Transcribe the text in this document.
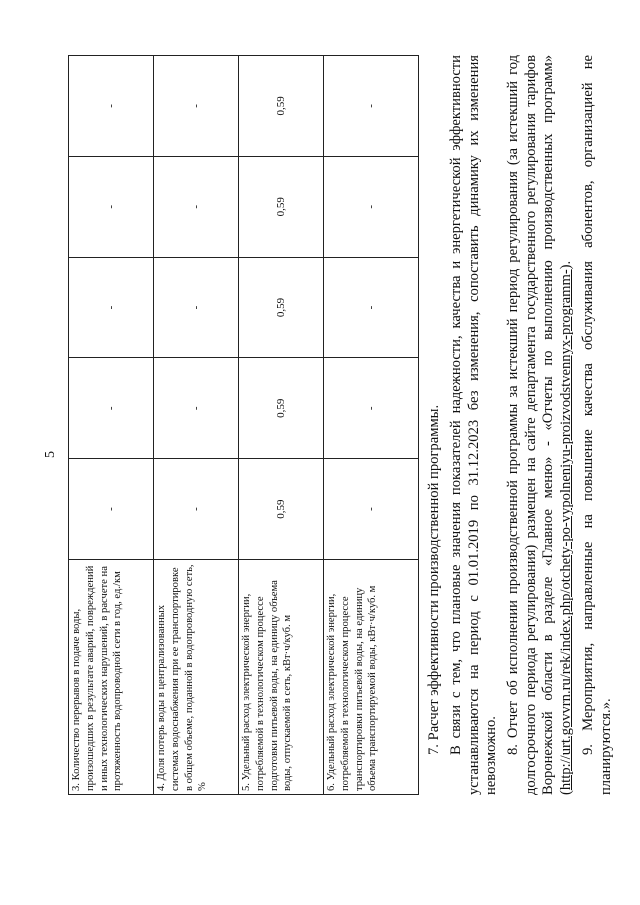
5
3. Количество перерывов в подаче воды, произошедших в результате аварий, повреждений и иных технологических нарушений, в расчете на протяженность водопроводной сети в год, ед./км	-	-	-	-	-
4. Доля потерь воды в централизованных системах водоснабжения при ее транспортировке в общем объеме, поданной в водопроводную сеть, %	-	-	-	-	-
5. Удельный расход электрической энергии, потребляемой в технологическом процессе подготовки питьевой воды, на единицу объема воды, отпускаемой в сеть, кВт·ч/куб. м	0,59	0,59	0,59	0,59	0,59
6. Удельный расход электрической энергии, потребляемой в технологическом процессе транспортировки питьевой воды, на единицу объема транспортируемой воды, кВт·ч/куб. м	-	-	-	-	-
7. Расчет эффективности производственной программы. В связи с тем, что плановые значения показателей надежности, качества и энергетической эффективности устанавливаются на период с 01.01.2019 по 31.12.2023 без изменения, сопоставить динамику их изменения невозможно.
8. Отчет об исполнении производственной программы за истекший период регулирования (за истекший год долгосрочного периода регулирования) размещен на сайте департамента государственного регулирования тарифов Воронежской области в разделе «Главное меню» - «Отчеты по выполнению производственных программ» (http://urt.govvrn.ru/rek/index.php/otchety-po-vypolneniyu-proizvodstvennyx-programm-). 9. Мероприятия, направленные на повышение качества обслуживания абонентов, организацией не планируются.».
